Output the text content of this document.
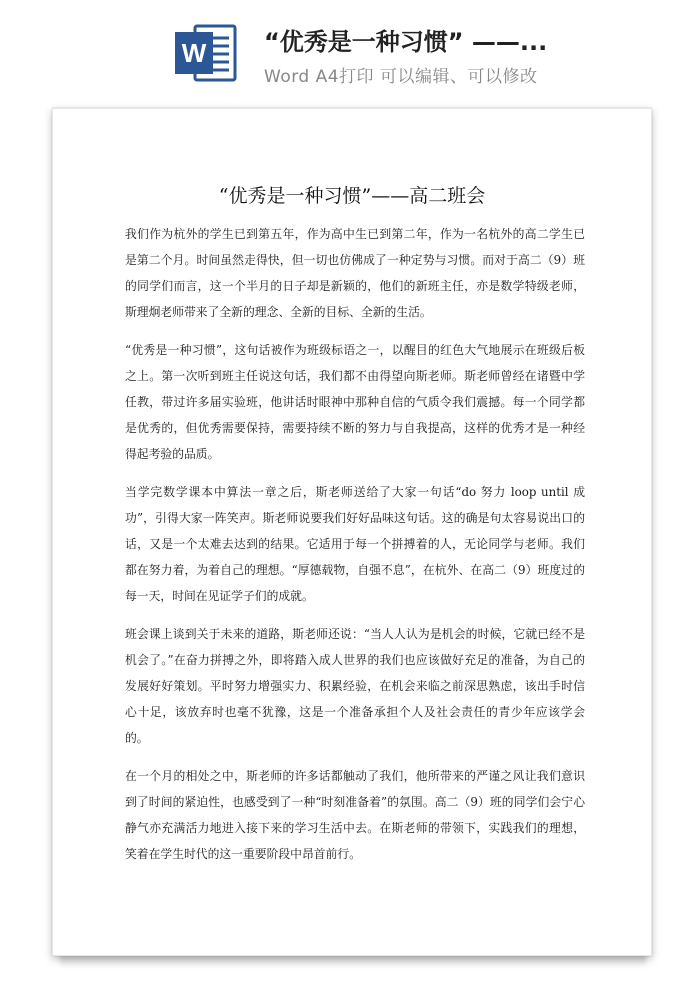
W “优秀是一种习惯” ——...
Word A4打印 可以编辑、可以修改
“优秀是一种习惯”——高二班会

我们作为杭外的学生已到第五年，作为高中生已到第二年，作为一名杭外的高二学生已是第二个月。时间虽然走得快，但一切也仿佛成了一种定势与习惯。而对于高二（9）班的同学们而言，这一个半月的日子却是新颖的，他们的新班主任，亦是数学特级老师，斯理炯老师带来了全新的理念、全新的目标、全新的生活。

“优秀是一种习惯”，这句话被作为班级标语之一，以醒目的红色大气地展示在班级后板之上。第一次听到班主任说这句话，我们都不由得望向斯老师。斯老师曾经在诸暨中学任教，带过许多届实验班，他讲话时眼神中那种自信的气质令我们震撼。每一个同学都是优秀的，但优秀需要保持，需要持续不断的努力与自我提高，这样的优秀才是一种经得起考验的品质。

当学完数学课本中算法一章之后，斯老师送给了大家一句话“do 努力 loop until 成功”，引得大家一阵笑声。斯老师说要我们好好品味这句话。这的确是句太容易说出口的话，又是一个太难去达到的结果。它适用于每一个拼搏着的人，无论同学与老师。我们都在努力着，为着自己的理想。“厚德载物，自强不息”，在杭外、在高二（9）班度过的每一天，时间在见证学子们的成就。

班会课上谈到关于未来的道路，斯老师还说：“当人人认为是机会的时候，它就已经不是机会了。”在奋力拼搏之外，即将踏入成人世界的我们也应该做好充足的准备，为自己的发展好好策划。平时努力增强实力、积累经验，在机会来临之前深思熟虑，该出手时信心十足，该放弃时也毫不犹豫，这是一个准备承担个人及社会责任的青少年应该学会的。

在一个月的相处之中，斯老师的许多话都触动了我们，他所带来的严谨之风让我们意识到了时间的紧迫性，也感受到了一种“时刻准备着”的氛围。高二（9）班的同学们会宁心静气亦充满活力地进入接下来的学习生活中去。在斯老师的带领下，实践我们的理想，笑着在学生时代的这一重要阶段中昂首前行。
